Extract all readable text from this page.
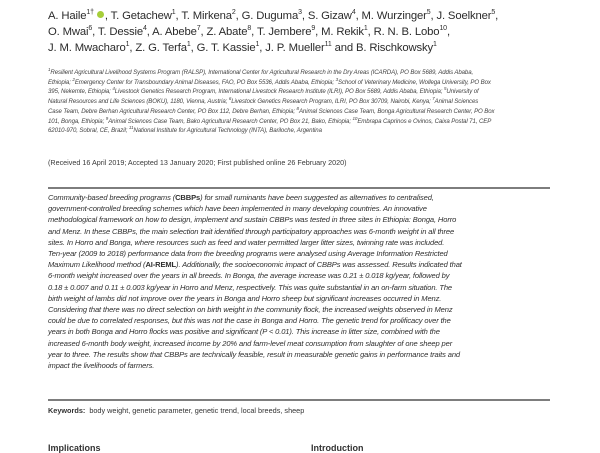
A. Haile$^{1\dagger}$ , T. Getachew$^1$, T. Mirkena$^2$, G. Duguma$^3$, S. Gizaw$^4$, M. Wurzinger$^5$, J. Soelkner$^5$,
O. Mwai$^6$, T. Dessie$^4$, A. Abebe$^7$, Z. Abate$^8$, T. Jembere$^9$, M. Rekik$^1$, R. N. B. Lobo$^{10}$,
J. M. Mwacharo$^1$, Z. G. Terfa$^1$, G. T. Kassie$^1$, J. P. Mueller$^{11}$ and B. Rischkowsky$^1$
$^1$Resilient Agricultural Livelihood Systems Program (RALSP), International Center for Agricultural Research in the Dry Areas (ICARDA), PO Box 5689, Addis Ababa,
Ethiopia; $^2$Emergency Center for Transboundary Animal Diseases, FAO, PO Box 5536, Addis Ababa, Ethiopia; $^3$School of Veterinary Medicine, Wollega University, PO Box
395, Nekemte, Ethiopia; $^4$Livestock Genetics Research Program, International Livestock Research Institute (ILRI), PO Box 5689, Addis Ababa, Ethiopia; $^5$University of
Natural Resources and Life Sciences (BOKU), 1180, Vienna, Austria; $^6$Livestock Genetics Research Program, ILRI, PO Box 30709, Nairobi, Kenya; $^7$Animal Sciences
Case Team, Debre Berhan Agricultural Research Center, PO Box 112, Debre Berhan, Ethiopia; $^8$Animal Sciences Case Team, Bonga Agricultural Research Center, PO Box
101, Bonga, Ethiopia; $^9$Animal Sciences Case Team, Bako Agricultural Research Center, PO Box 21, Bako, Ethiopia; $^{10}$Embrapa Caprinos e Ovinos, Caixa Postal 71, CEP
62010-970, Sobral, CE, Brazil; $^{11}$National Institute for Agricultural Technology (INTA), Bariloche, Argentina
(Received 16 April 2019; Accepted 13 January 2020; First published online 26 February 2020)
Community-based breeding programs (CBBPs) for small ruminants have been suggested as alternatives to centralised,
government-controlled breeding schemes which have been implemented in many developing countries. An innovative
methodological framework on how to design, implement and sustain CBBPs was tested in three sites in Ethiopia: Bonga, Horro
and Menz. In these CBBPs, the main selection trait identified through participatory approaches was 6-month weight in all three
sites. In Horro and Bonga, where resources such as feed and water permitted larger litter sizes, twinning rate was included.
Ten-year (2009 to 2018) performance data from the breeding programs were analysed using Average Information Restricted
Maximum Likelihood method (AI-REML). Additionally, the socioeconomic impact of CBBPs was assessed. Results indicated that
6-month weight increased over the years in all breeds. In Bonga, the average increase was 0.21 ± 0.018 kg/year, followed by
0.18 ± 0.007 and 0.11 ± 0.003 kg/year in Horro and Menz, respectively. This was quite substantial in an on-farm situation. The
birth weight of lambs did not improve over the years in Bonga and Horro sheep but significant increases occurred in Menz.
Considering that there was no direct selection on birth weight in the community flock, the increased weights observed in Menz
could be due to correlated responses, but this was not the case in Bonga and Horro. The genetic trend for prolificacy over the
years in both Bonga and Horro flocks was positive and significant (P < 0.01). This increase in litter size, combined with the
increased 6-month body weight, increased income by 20% and farm-level meat consumption from slaughter of one sheep per
year to three. The results show that CBBPs are technically feasible, result in measurable genetic gains in performance traits and
impact the livelihoods of farmers.
Keywords: body weight, genetic parameter, genetic trend, local breeds, sheep
Implications	Introduction
